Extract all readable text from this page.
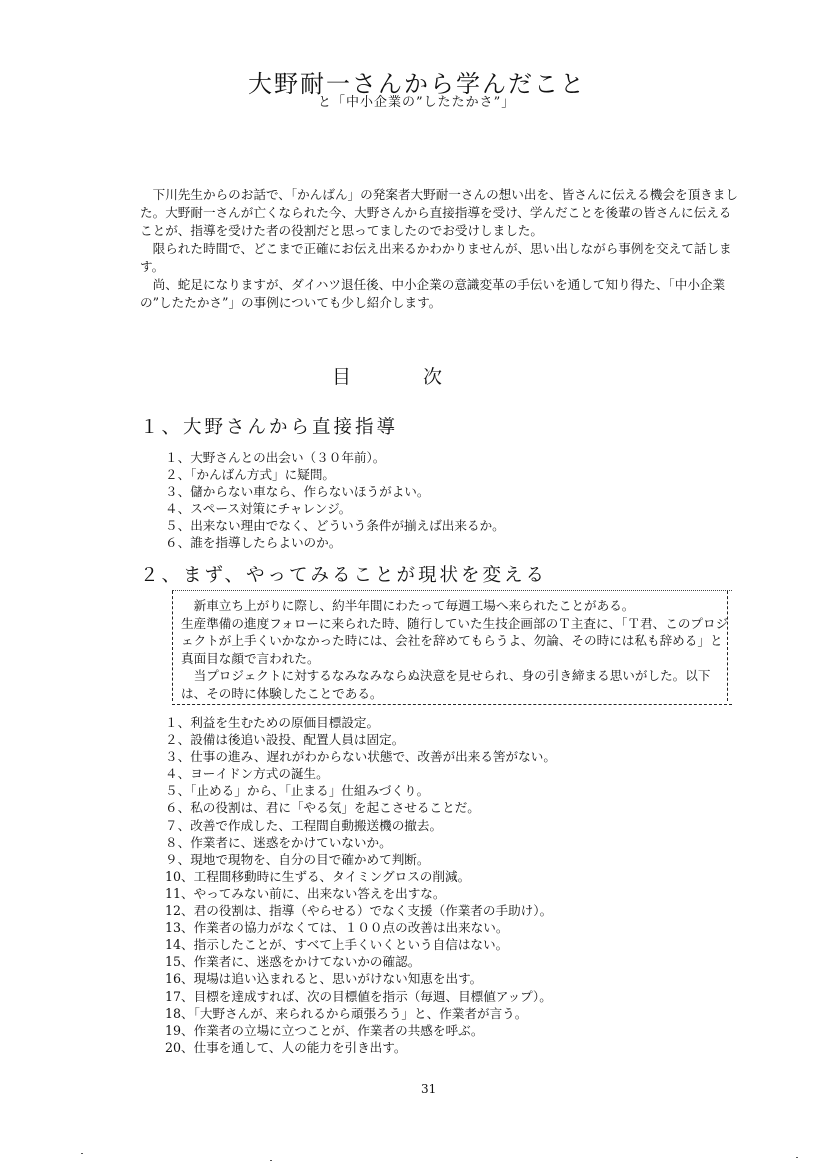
大野耐一さんから学んだこと
と「中小企業の”したたかさ”」

下川先生からのお話で、「かんばん」の発案者大野耐一さんの想い出を、皆さんに伝える機会を頂きました。大野耐一さんが亡くなられた今、大野さんから直接指導を受け、学んだことを後輩の皆さんに伝えることが、指導を受けた者の役割だと思ってましたのでお受けしました。

限られた時間で、どこまで正確にお伝え出来るかわかりませんが、思い出しながら事例を交えて話します。

尚、蛇足になりますが、ダイハツ退任後、中小企業の意識変革の手伝いを通して知り得た、「中小企業の”したたかさ”」の事例についても少し紹介します。

目次
１、大野さんから直接指導
１、大野さんとの出会い（３０年前）。
２、「かんばん方式」に疑問。
３、儲からない車なら、作らないほうがよい。
４、スペース対策にチャレンジ。
５、出来ない理由でなく、どういう条件が揃えば出来るか。
６、誰を指導したらよいのか。
２、まず、やってみることが現状を変える

新車立ち上がりに際し、約半年間にわたって毎週工場へ来られたことがある。

生産準備の進度フォローに来られた時、随行していた生技企画部のＴ主査に、「Ｔ君、このプロジェクトが上手くいかなかった時には、会社を辞めてもらうよ、勿論、その時には私も辞める」と真面目な顔で言われた。

当プロジェクトに対するなみなみならぬ決意を見せられ、身の引き締まる思いがした。以下は、その時に体験したことである。

１、利益を生むための原価目標設定。
２、設備は後追い設投、配置人員は固定。
３、仕事の進み、遅れがわからない状態で、改善が出来る筈がない。
４、ヨーイドン方式の誕生。
５、「止める」から、「止まる」仕組みづくり。
６、私の役割は、君に「やる気」を起こさせることだ。
７、改善で作成した、工程間自動搬送機の撤去。
８、作業者に、迷惑をかけていないか。
９、現地で現物を、自分の目で確かめて判断。
10、工程間移動時に生ずる、タイミングロスの削減。
11、やってみない前に、出来ない答えを出すな。
12、君の役割は、指導（やらせる）でなく支援（作業者の手助け）。
13、作業者の協力がなくては、１００点の改善は出来ない。
14、指示したことが、すべて上手くいくという自信はない。
15、作業者に、迷惑をかけてないかの確認。
16、現場は追い込まれると、思いがけない知恵を出す。
17、目標を達成すれば、次の目標値を指示（毎週、目標値アップ）。
18、「大野さんが、来られるから頑張ろう」と、作業者が言う。
19、作業者の立場に立つことが、作業者の共感を呼ぶ。
20、仕事を通して、人の能力を引き出す。
31
